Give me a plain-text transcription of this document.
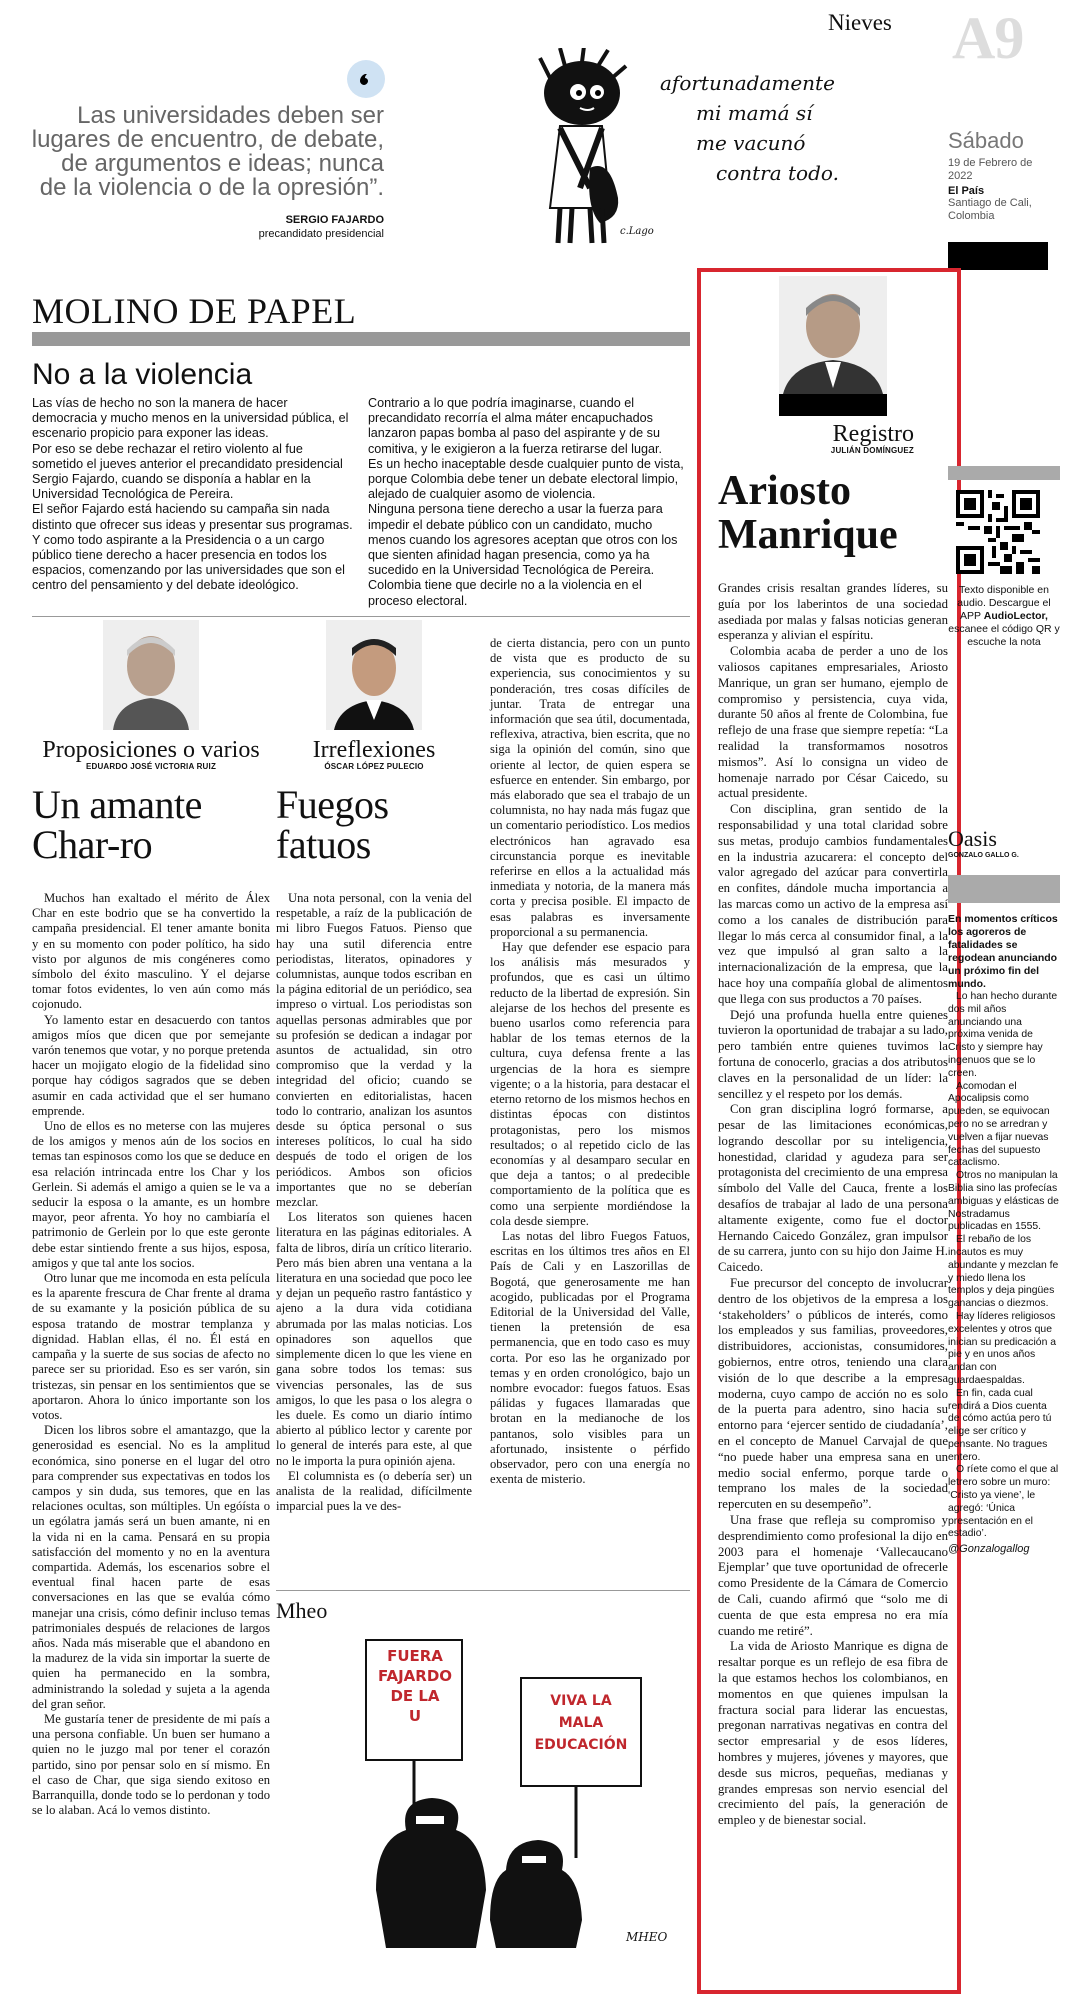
Nieves A9
Sábado
19 de Febrero de 2022
El País
Santiago de Cali, Colombia
Las universidades deben ser lugares de encuentro, de debate, de argumentos e ideas; nunca de la violencia o de la opresión”.
SERGIO FAJARDO
precandidato presidencial	c.Lago
afortunadamente
mi mamá sí
me vacunó
contra todo.
MOLINO DE PAPEL
No a la violencia

Las vías de hecho no son la manera de hacer democracia y mucho menos en la universidad pública, el escenario propicio para exponer las ideas.

Por eso se debe rechazar el retiro violento al fue sometido el jueves anterior el precandidato presidencial Sergio Fajardo, cuando se disponía a hablar en la Universidad Tecnológica de Pereira.

El señor Fajardo está haciendo su campaña sin nada distinto que ofrecer sus ideas y presentar sus programas.

Y como todo aspirante a la Presidencia o a un cargo público tiene derecho a hacer presencia en todos los espacios, comenzando por las universidades que son el centro del pensamiento y del debate ideológico.

Contrario a lo que podría imaginarse, cuando el precandidato recorría el alma máter encapuchados lanzaron papas bomba al paso del aspirante y de su comitiva, y le exigieron a la fuerza retirarse del lugar.

Es un hecho inaceptable desde cualquier punto de vista, porque Colombia debe tener un debate electoral limpio, alejado de cualquier asomo de violencia.

Ninguna persona tiene derecho a usar la fuerza para impedir el debate público con un candidato, mucho menos cuando los agresores aceptan que otros con los que sienten afinidad hagan presencia, como ya ha sucedido en la Universidad Tecnológica de Pereira.

Colombia tiene que decirle no a la violencia en el proceso electoral.

Proposiciones o varios
EDUARDO JOSÉ VICTORIA RUIZ
Un amante Char-ro

Muchos han exaltado el mérito de Álex Char en este bodrio que se ha convertido la campaña presidencial. El tener amante bonita y en su momento con poder político, ha sido visto por algunos de mis congéneres como símbolo del éxito masculino. Y el dejarse tomar fotos evidentes, lo ven aún como más cojonudo.

Yo lamento estar en desacuerdo con tantos amigos míos que dicen que por semejante varón tenemos que votar, y no porque pretenda hacer un mojigato elogio de la fidelidad sino porque hay códigos sagrados que se deben asumir en cada actividad que el ser humano emprende.

Uno de ellos es no meterse con las mujeres de los amigos y menos aún de los socios en temas tan espinosos como los que se deduce en esa relación intrincada entre los Char y los Gerlein. Si además el amigo a quien se le va a seducir la esposa o la amante, es un hombre mayor, peor afrenta. Yo hoy no cambiaría el patrimonio de Gerlein por lo que este geronte debe estar sintiendo frente a sus hijos, esposa, amigos y que tal ante los socios.

Otro lunar que me incomoda en esta película es la aparente frescura de Char frente al drama de su examante y la posición pública de su esposa tratando de mostrar templanza y dignidad. Hablan ellas, él no. Él está en campaña y la suerte de sus socias de afecto no parece ser su prioridad. Eso es ser varón, sin tristezas, sin pensar en los sentimientos que se aportaron. Ahora lo único importante son los votos.

Dicen los libros sobre el amantazgo, que la generosidad es esencial. No es la amplitud económica, sino ponerse en el lugar del otro para comprender sus expectativas en todos los campos y sin duda, sus temores, que en las relaciones ocultas, son múltiples. Un egóísta o un ególatra jamás será un buen amante, ni en la vida ni en la cama. Pensará en su propia satisfacción del momento y no en la aventura compartida. Además, los escenarios sobre el eventual final hacen parte de esas conversaciones en las que se evalúa cómo manejar una crisis, cómo definir incluso temas patrimoniales después de relaciones de largos años. Nada más miserable que el abandono en la madurez de la vida sin importar la suerte de quien ha permanecido en la sombra, administrando la soledad y sujeta a la agenda del gran señor.

Me gustaría tener de presidente de mi país a una persona confiable. Un buen ser humano a quien no le juzgo mal por tener el corazón partido, sino por pensar solo en sí mismo. En el caso de Char, que siga siendo exitoso en Barranquilla, donde todo se lo perdonan y todo se lo alaban. Acá lo vemos distinto.

Irreflexiones
ÓSCAR LÓPEZ PULECIO
Fuegos fatuos

Una nota personal, con la venia del respetable, a raíz de la publicación de mi libro Fuegos Fatuos. Pienso que hay una sutil diferencia entre periodistas, literatos, opinadores y columnistas, aunque todos escriban en la página editorial de un periódico, sea impreso o virtual. Los periodistas son aquellas personas admirables que por su profesión se dedican a indagar por asuntos de actualidad, sin otro compromiso que la verdad y la integridad del oficio; cuando se convierten en editorialistas, hacen todo lo contrario, analizan los asuntos desde su óptica personal o sus intereses políticos, lo cual ha sido después de todo el origen de los periódicos. Ambos son oficios importantes que no se deberían mezclar.

Los literatos son quienes hacen literatura en las páginas editoriales. A falta de libros, diría un crítico literario. Pero más bien abren una ventana a la literatura en una sociedad que poco lee y dejan un pequeño rastro fantástico y ajeno a la dura vida cotidiana abrumada por las malas noticias. Los opinadores son aquellos que simplemente dicen lo que les viene en gana sobre todos los temas: sus vivencias personales, las de sus amigos, lo que les pasa o los alegra o les duele. Es como un diario íntimo abierto al público lector y carente por lo general de interés para este, al que no le importa la pura opinión ajena.

El columnista es (o debería ser) un analista de la realidad, difícilmente imparcial pues la ve des-

de cierta distancia, pero con un punto de vista que es producto de su experiencia, sus conocimientos y su ponderación, tres cosas difíciles de juntar. Trata de entregar una información que sea útil, documentada, reflexiva, atractiva, bien escrita, que no siga la opinión del común, sino que oriente al lector, de quien espera se esfuerce en entender. Sin embargo, por más elaborado que sea el trabajo de un columnista, no hay nada más fugaz que un comentario periodístico. Los medios electrónicos han agravado esa circunstancia porque es inevitable referirse en ellos a la actualidad más inmediata y notoria, de la manera más corta y precisa posible. El impacto de esas palabras es inversamente proporcional a su permanencia.

Hay que defender ese espacio para los análisis más mesurados y profundos, que es casi un último reducto de la libertad de expresión. Sin alejarse de los hechos del presente es bueno usarlos como referencia para hablar de los temas eternos de la cultura, cuya defensa frente a las urgencias de la hora es siempre vigente; o a la historia, para destacar el eterno retorno de los mismos hechos en distintas épocas con distintos protagonistas, pero los mismos resultados; o al repetido ciclo de las economías y al desamparo secular en que deja a tantos; o al predecible comportamiento de la política que es como una serpiente mordiéndose la cola desde siempre.

Las notas del libro Fuegos Fatuos, escritas en los últimos tres años en El País de Cali y en Laszorillas de Bogotá, que generosamente me han acogido, publicadas por el Programa Editorial de la Universidad del Valle, tienen la pretensión de esa permanencia, que en todo caso es muy corta. Por eso las he organizado por temas y en orden cronológico, bajo un nombre evocador: fuegos fatuos. Esas pálidas y fugaces llamaradas que brotan en la medianoche de los pantanos, solo visibles para un afortunado, insistente o pérfido observador, pero con una energía no exenta de misterio.

Mheo
FUERA
FAJARDO
DE LA
U
VIVA LA
MALA
EDUCACIÓN
MHEO
Registro
JULIÁN DOMÍNGUEZ
Ariosto Manrique

Grandes crisis resaltan grandes líderes, su guía por los laberintos de una sociedad asediada por malas y falsas noticias generan esperanza y alivian el espíritu.

Colombia acaba de perder a uno de los valiosos capitanes empresariales, Ariosto Manrique, un gran ser humano, ejemplo de compromiso y persistencia, cuya vida, durante 50 años al frente de Colombina, fue reflejo de una frase que siempre repetía: “La realidad la transformamos nosotros mismos”. Así lo consigna un video de homenaje narrado por César Caicedo, su actual presidente.

Con disciplina, gran sentido de la responsabilidad y una total claridad sobre sus metas, produjo cambios fundamentales en la industria azucarera: el concepto del valor agregado del azúcar para convertirla en confites, dándole mucha importancia a las marcas como un activo de la empresa así como a los canales de distribución para llegar lo más cerca al consumidor final, a la vez que impulsó al gran salto a la internacionalización de la empresa, que la hace hoy una compañía global de alimentos que llega con sus productos a 70 países.

Dejó una profunda huella entre quienes tuvieron la oportunidad de trabajar a su lado, pero también entre quienes tuvimos la fortuna de conocerlo, gracias a dos atributos claves en la personalidad de un líder: la sencillez y el respeto por los demás.

Con gran disciplina logró formarse, a pesar de las limitaciones económicas, logrando descollar por su inteligencia, honestidad, claridad y agudeza para ser protagonista del crecimiento de una empresa símbolo del Valle del Cauca, frente a los desafíos de trabajar al lado de una persona altamente exigente, como fue el doctor Hernando Caicedo González, gran impulsor de su carrera, junto con su hijo don Jaime H. Caicedo.

Fue precursor del concepto de involucrar dentro de los objetivos de la empresa a los ‘stakeholders’ o públicos de interés, como los empleados y sus familias, proveedores, distribuidores, accionistas, consumidores, gobiernos, entre otros, teniendo una clara visión de lo que describe a la empresa moderna, cuyo campo de acción no es solo de la puerta para adentro, sino hacia su entorno para ‘ejercer sentido de ciudadanía’, en el concepto de Manuel Carvajal de que “no puede haber una empresa sana en un medio social enfermo, porque tarde o temprano los males de la sociedad repercuten en su desempeño”.

Una frase que refleja su compromiso y desprendimiento como profesional la dijo en 2003 para el homenaje ‘Vallecaucano Ejemplar’ que tuve oportunidad de ofrecerle como Presidente de la Cámara de Comercio de Cali, cuando afirmó que “solo me di cuenta de que esta empresa no era mía cuando me retiré”.

La vida de Ariosto Manrique es digna de resaltar porque es un reflejo de esa fibra de la que estamos hechos los colombianos, en momentos en que quienes impulsan la fractura social para liderar las encuestas, pregonan narrativas negativas en contra del sector empresarial y de esos líderes, hombres y mujeres, jóvenes y mayores, que desde sus micros, pequeñas, medianas y grandes empresas son nervio esencial del crecimiento del país, la generación de empleo y de bienestar social.

Texto disponible en audio. Descargue el APP AudioLector, escanee el código QR y escuche la nota
Oasis
GONZALO GALLO G.
En momentos críticos los agoreros de fatalidades se regodean anunciando un próximo fin del mundo.

Lo han hecho durante dos mil años anunciando una próxima venida de Cristo y siempre hay ingenuos que se lo creen.

Acomodan el Apocalipsis como pueden, se equivocan pero no se arredran y vuelven a fijar nuevas fechas del supuesto cataclismo.

Otros no manipulan la Biblia sino las profecías ambiguas y elásticas de Nostradamus publicadas en 1555.

El rebaño de los incautos es muy abundante y mezclan fe y miedo llena los templos y deja pingües ganancias o diezmos.

Hay líderes religiosos excelentes y otros que inician su predicación a pie y en unos años andan con guardaespaldas.

En fin, cada cual rendirá a Dios cuenta de cómo actúa pero tú elige ser crítico y pensante. No tragues entero.

O ríete como el que al letrero sobre un muro: ‘Cristo ya viene’, le agregó: ‘Única presentación en el estadio’.

@Gonzalogallog
